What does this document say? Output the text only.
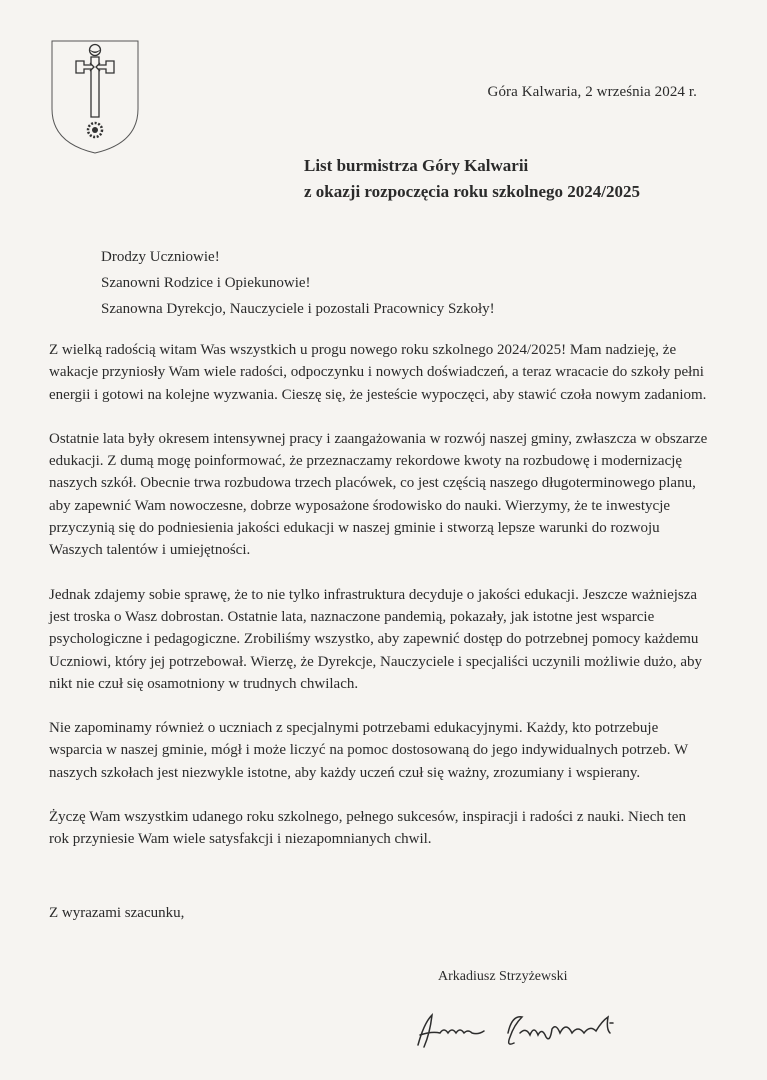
Góra Kalwaria, 2 września 2024 r.
List burmistrza Góry Kalwarii
z okazji rozpoczęcia roku szkolnego 2024/2025
Drodzy Uczniowie!
Szanowni Rodzice i Opiekunowie!
Szanowna Dyrekcjo, Nauczyciele i pozostali Pracownicy Szkoły!

Z wielką radością witam Was wszystkich u progu nowego roku szkolnego 2024/2025! Mam nadzieję, że wakacje przyniosły Wam wiele radości, odpoczynku i nowych doświadczeń, a teraz wracacie do szkoły pełni energii i gotowi na kolejne wyzwania. Cieszę się, że jesteście wypoczęci, aby stawić czoła nowym zadaniom.

Ostatnie lata były okresem intensywnej pracy i zaangażowania w rozwój naszej gminy, zwłaszcza w obszarze edukacji. Z dumą mogę poinformować, że przeznaczamy rekordowe kwoty na rozbudowę i modernizację naszych szkół. Obecnie trwa rozbudowa trzech placówek, co jest częścią naszego długoterminowego planu, aby zapewnić Wam nowoczesne, dobrze wyposażone środowisko do nauki. Wierzymy, że te inwestycje przyczynią się do podniesienia jakości edukacji w naszej gminie i stworzą lepsze warunki do rozwoju Waszych talentów i umiejętności.

Jednak zdajemy sobie sprawę, że to nie tylko infrastruktura decyduje o jakości edukacji. Jeszcze ważniejsza jest troska o Wasz dobrostan. Ostatnie lata, naznaczone pandemią, pokazały, jak istotne jest wsparcie psychologiczne i pedagogiczne. Zrobiliśmy wszystko, aby zapewnić dostęp do potrzebnej pomocy każdemu Uczniowi, który jej potrzebował. Wierzę, że Dyrekcje, Nauczyciele i specjaliści uczynili możliwie dużo, aby nikt nie czuł się osamotniony w trudnych chwilach.

Nie zapominamy również o uczniach z specjalnymi potrzebami edukacyjnymi. Każdy, kto potrzebuje wsparcia w naszej gminie, mógł i może liczyć na pomoc dostosowaną do jego indywidualnych potrzeb. W naszych szkołach jest niezwykle istotne, aby każdy uczeń czuł się ważny, zrozumiany i wspierany.

Życzę Wam wszystkim udanego roku szkolnego, pełnego sukcesów, inspiracji i radości z nauki. Niech ten rok przyniesie Wam wiele satysfakcji i niezapomnianych chwil.

Z wyrazami szacunku,
Arkadiusz Strzyżewski
